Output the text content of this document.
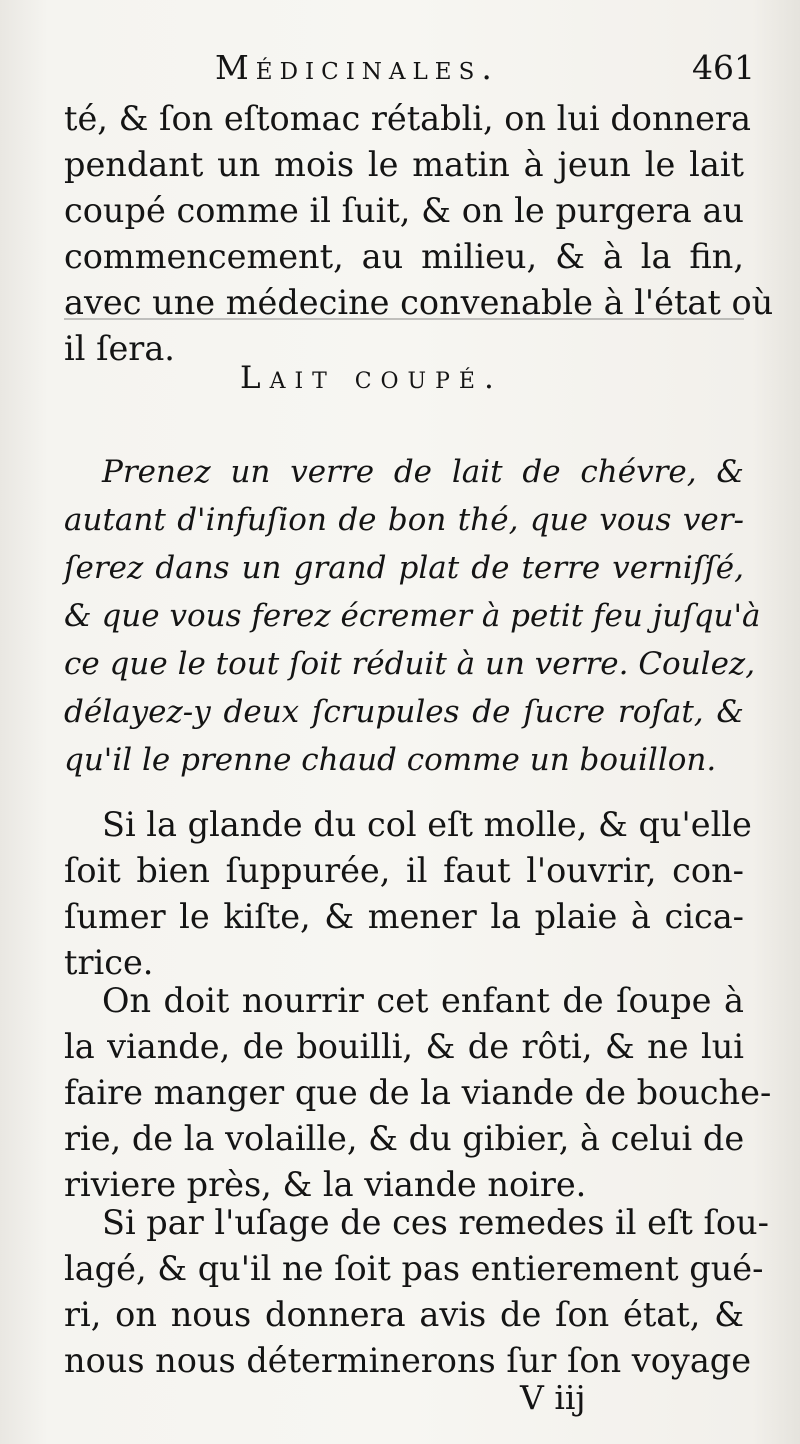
Médicinales.	461
té, & ſon eſtomac rétabli, on lui donnera
pendant un mois le matin à jeun le lait
coupé comme il ſuit, & on le purgera au
commencement, au milieu, & à la fin,
avec une médecine convenable à l'état où
il ſera.
Lait coupé.
Prenez un verre de lait de chévre, &
autant d'infuſion de bon thé, que vous ver-
ſerez dans un grand plat de terre verniſſé,
& que vous ferez écremer à petit feu juſqu'à
ce que le tout ſoit réduit à un verre. Coulez,
délayez-y deux ſcrupules de ſucre roſat, &
qu'il le prenne chaud comme un bouillon.
Si la glande du col eſt molle, & qu'elle
ſoit bien ſuppurée, il faut l'ouvrir, con-
ſumer le kiſte, & mener la plaie à cica-
trice.
On doit nourrir cet enfant de ſoupe à
la viande, de bouilli, & de rôti, & ne lui
faire manger que de la viande de bouche-
rie, de la volaille, & du gibier, à celui de
riviere près, & la viande noire.
Si par l'uſage de ces remedes il eſt ſou-
lagé, & qu'il ne ſoit pas entierement gué-
ri, on nous donnera avis de ſon état, &
nous nous déterminerons ſur ſon voyage
V iij
